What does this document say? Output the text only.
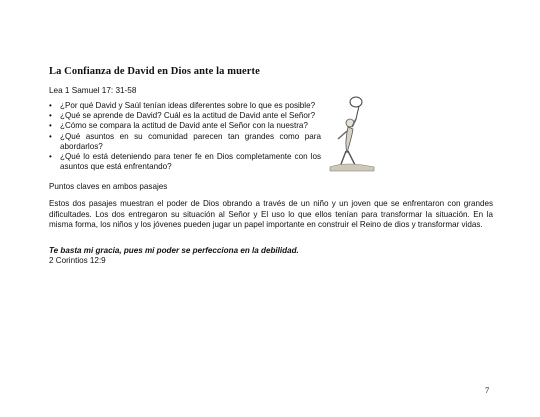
La Confianza de David en Dios ante la muerte
Lea 1 Samuel 17: 31-58
• ¿Por qué David y Saúl tenían ideas diferentes sobre lo que es posible?
• ¿Qué se aprende de David? Cuál es la actitud de David ante el Señor?
• ¿Cómo se compara la actitud de David ante el Señor con la nuestra?
• ¿Qué asuntos en su comunidad parecen tan grandes como para abordarlos?
• ¿Qué lo está deteniendo para tener fe en Dios completamente con los asuntos que está enfrentando?
Puntos claves en ambos pasajes

Estos dos pasajes muestran el poder de Dios obrando a través de un niño y un joven que se enfrentaron con grandes dificultades. Los dos entregaron su situación al Señor y El uso lo que ellos tenían para transformar la situación. En la misma forma, los niños y los jóvenes pueden jugar un papel importante en construir el Reino de dios y transformar vidas.

Te basta mi gracia, pues mi poder se perfecciona en la debilidad.
2 Corintios 12:9
7
